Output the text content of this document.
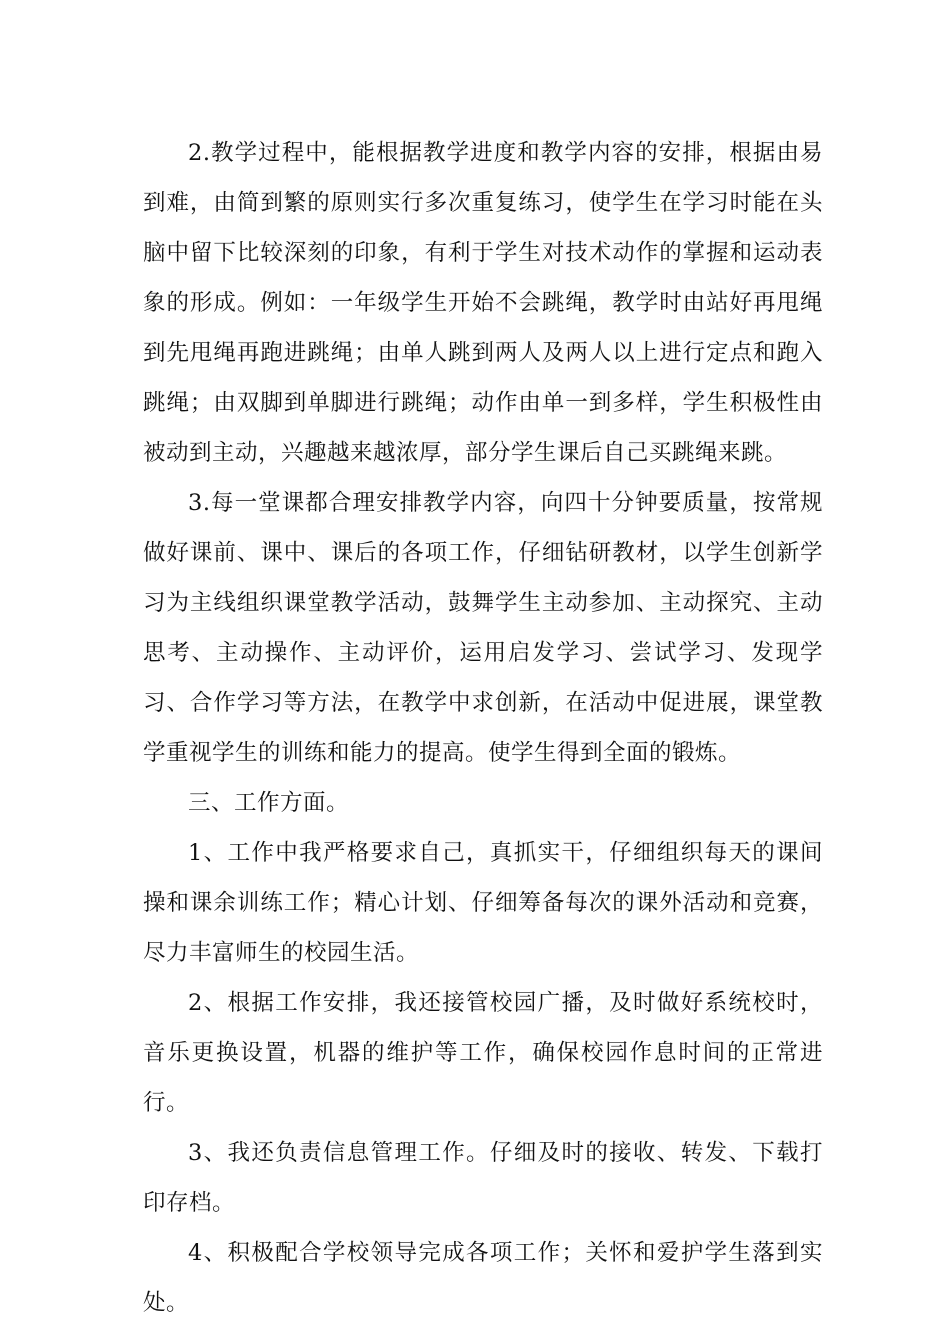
2.教学过程中，能根据教学进度和教学内容的安排，根据由易到难，由简到繁的原则实行多次重复练习，使学生在学习时能在头脑中留下比较深刻的印象，有利于学生对技术动作的掌握和运动表象的形成。例如：一年级学生开始不会跳绳，教学时由站好再甩绳到先甩绳再跑进跳绳；由单人跳到两人及两人以上进行定点和跑入跳绳；由双脚到单脚进行跳绳；动作由单一到多样，学生积极性由被动到主动，兴趣越来越浓厚，部分学生课后自己买跳绳来跳。

3.每一堂课都合理安排教学内容，向四十分钟要质量，按常规做好课前、课中、课后的各项工作，仔细钻研教材，以学生创新学习为主线组织课堂教学活动，鼓舞学生主动参加、主动探究、主动思考、主动操作、主动评价，运用启发学习、尝试学习、发现学习、合作学习等方法，在教学中求创新，在活动中促进展，课堂教学重视学生的训练和能力的提高。使学生得到全面的锻炼。

三、工作方面。

1、工作中我严格要求自己，真抓实干，仔细组织每天的课间操和课余训练工作；精心计划、仔细筹备每次的课外活动和竞赛，尽力丰富师生的校园生活。

2、根据工作安排，我还接管校园广播，及时做好系统校时，音乐更换设置，机器的维护等工作，确保校园作息时间的正常进行。

3、我还负责信息管理工作。仔细及时的接收、转发、下载打印存档。

4、积极配合学校领导完成各项工作；关怀和爱护学生落到实处。
